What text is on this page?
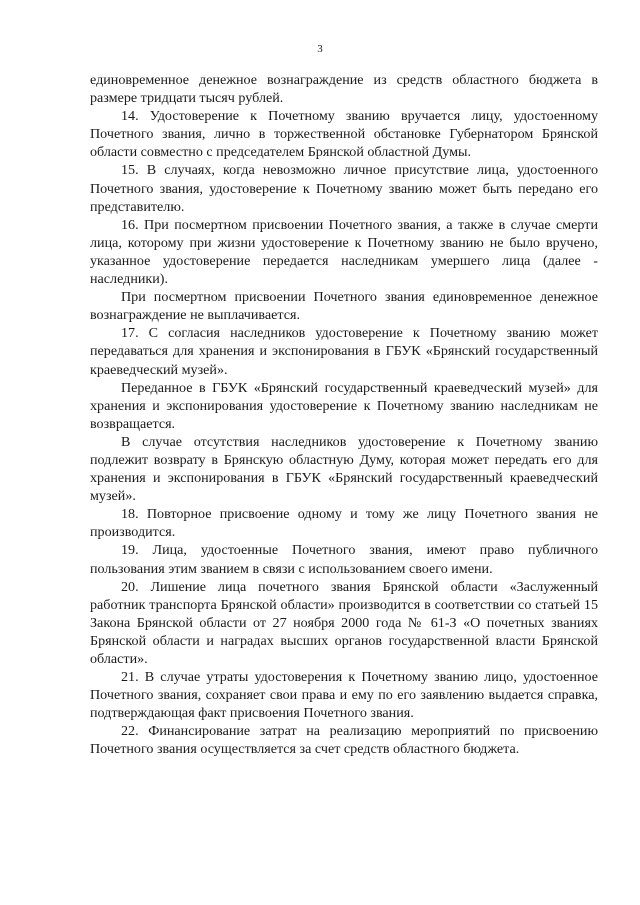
3

единовременное денежное вознаграждение из средств областного бюджета в размере тридцати тысяч рублей.

14. Удостоверение к Почетному званию вручается лицу, удостоенному Почетного звания, лично в торжественной обстановке Губернатором Брянской области совместно с председателем Брянской областной Думы.

15. В случаях, когда невозможно личное присутствие лица, удостоенного Почетного звания, удостоверение к Почетному званию может быть передано его представителю.

16. При посмертном присвоении Почетного звания, а также в случае смерти лица, которому при жизни удостоверение к Почетному званию не было вручено, указанное удостоверение передается наследникам умершего лица (далее - наследники).

При посмертном присвоении Почетного звания единовременное денежное вознаграждение не выплачивается.

17. С согласия наследников удостоверение к Почетному званию может передаваться для хранения и экспонирования в ГБУК «Брянский государственный краеведческий музей».

Переданное в ГБУК «Брянский государственный краеведческий музей» для хранения и экспонирования удостоверение к Почетному званию наследникам не возвращается.

В случае отсутствия наследников удостоверение к Почетному званию подлежит возврату в Брянскую областную Думу, которая может передать его для хранения и экспонирования в ГБУК «Брянский государственный краеведческий музей».

18. Повторное присвоение одному и тому же лицу Почетного звания не производится.

19. Лица, удостоенные Почетного звания, имеют право публичного пользования этим званием в связи с использованием своего имени.

20. Лишение лица почетного звания Брянской области «Заслуженный работник транспорта Брянской области» производится в соответствии со статьей 15 Закона Брянской области от 27 ноября 2000 года № 61-З «О почетных званиях Брянской области и наградах высших органов государственной власти Брянской области».

21. В случае утраты удостоверения к Почетному званию лицо, удостоенное Почетного звания, сохраняет свои права и ему по его заявлению выдается справка, подтверждающая факт присвоения Почетного звания.

22. Финансирование затрат на реализацию мероприятий по присвоению Почетного звания осуществляется за счет средств областного бюджета.
